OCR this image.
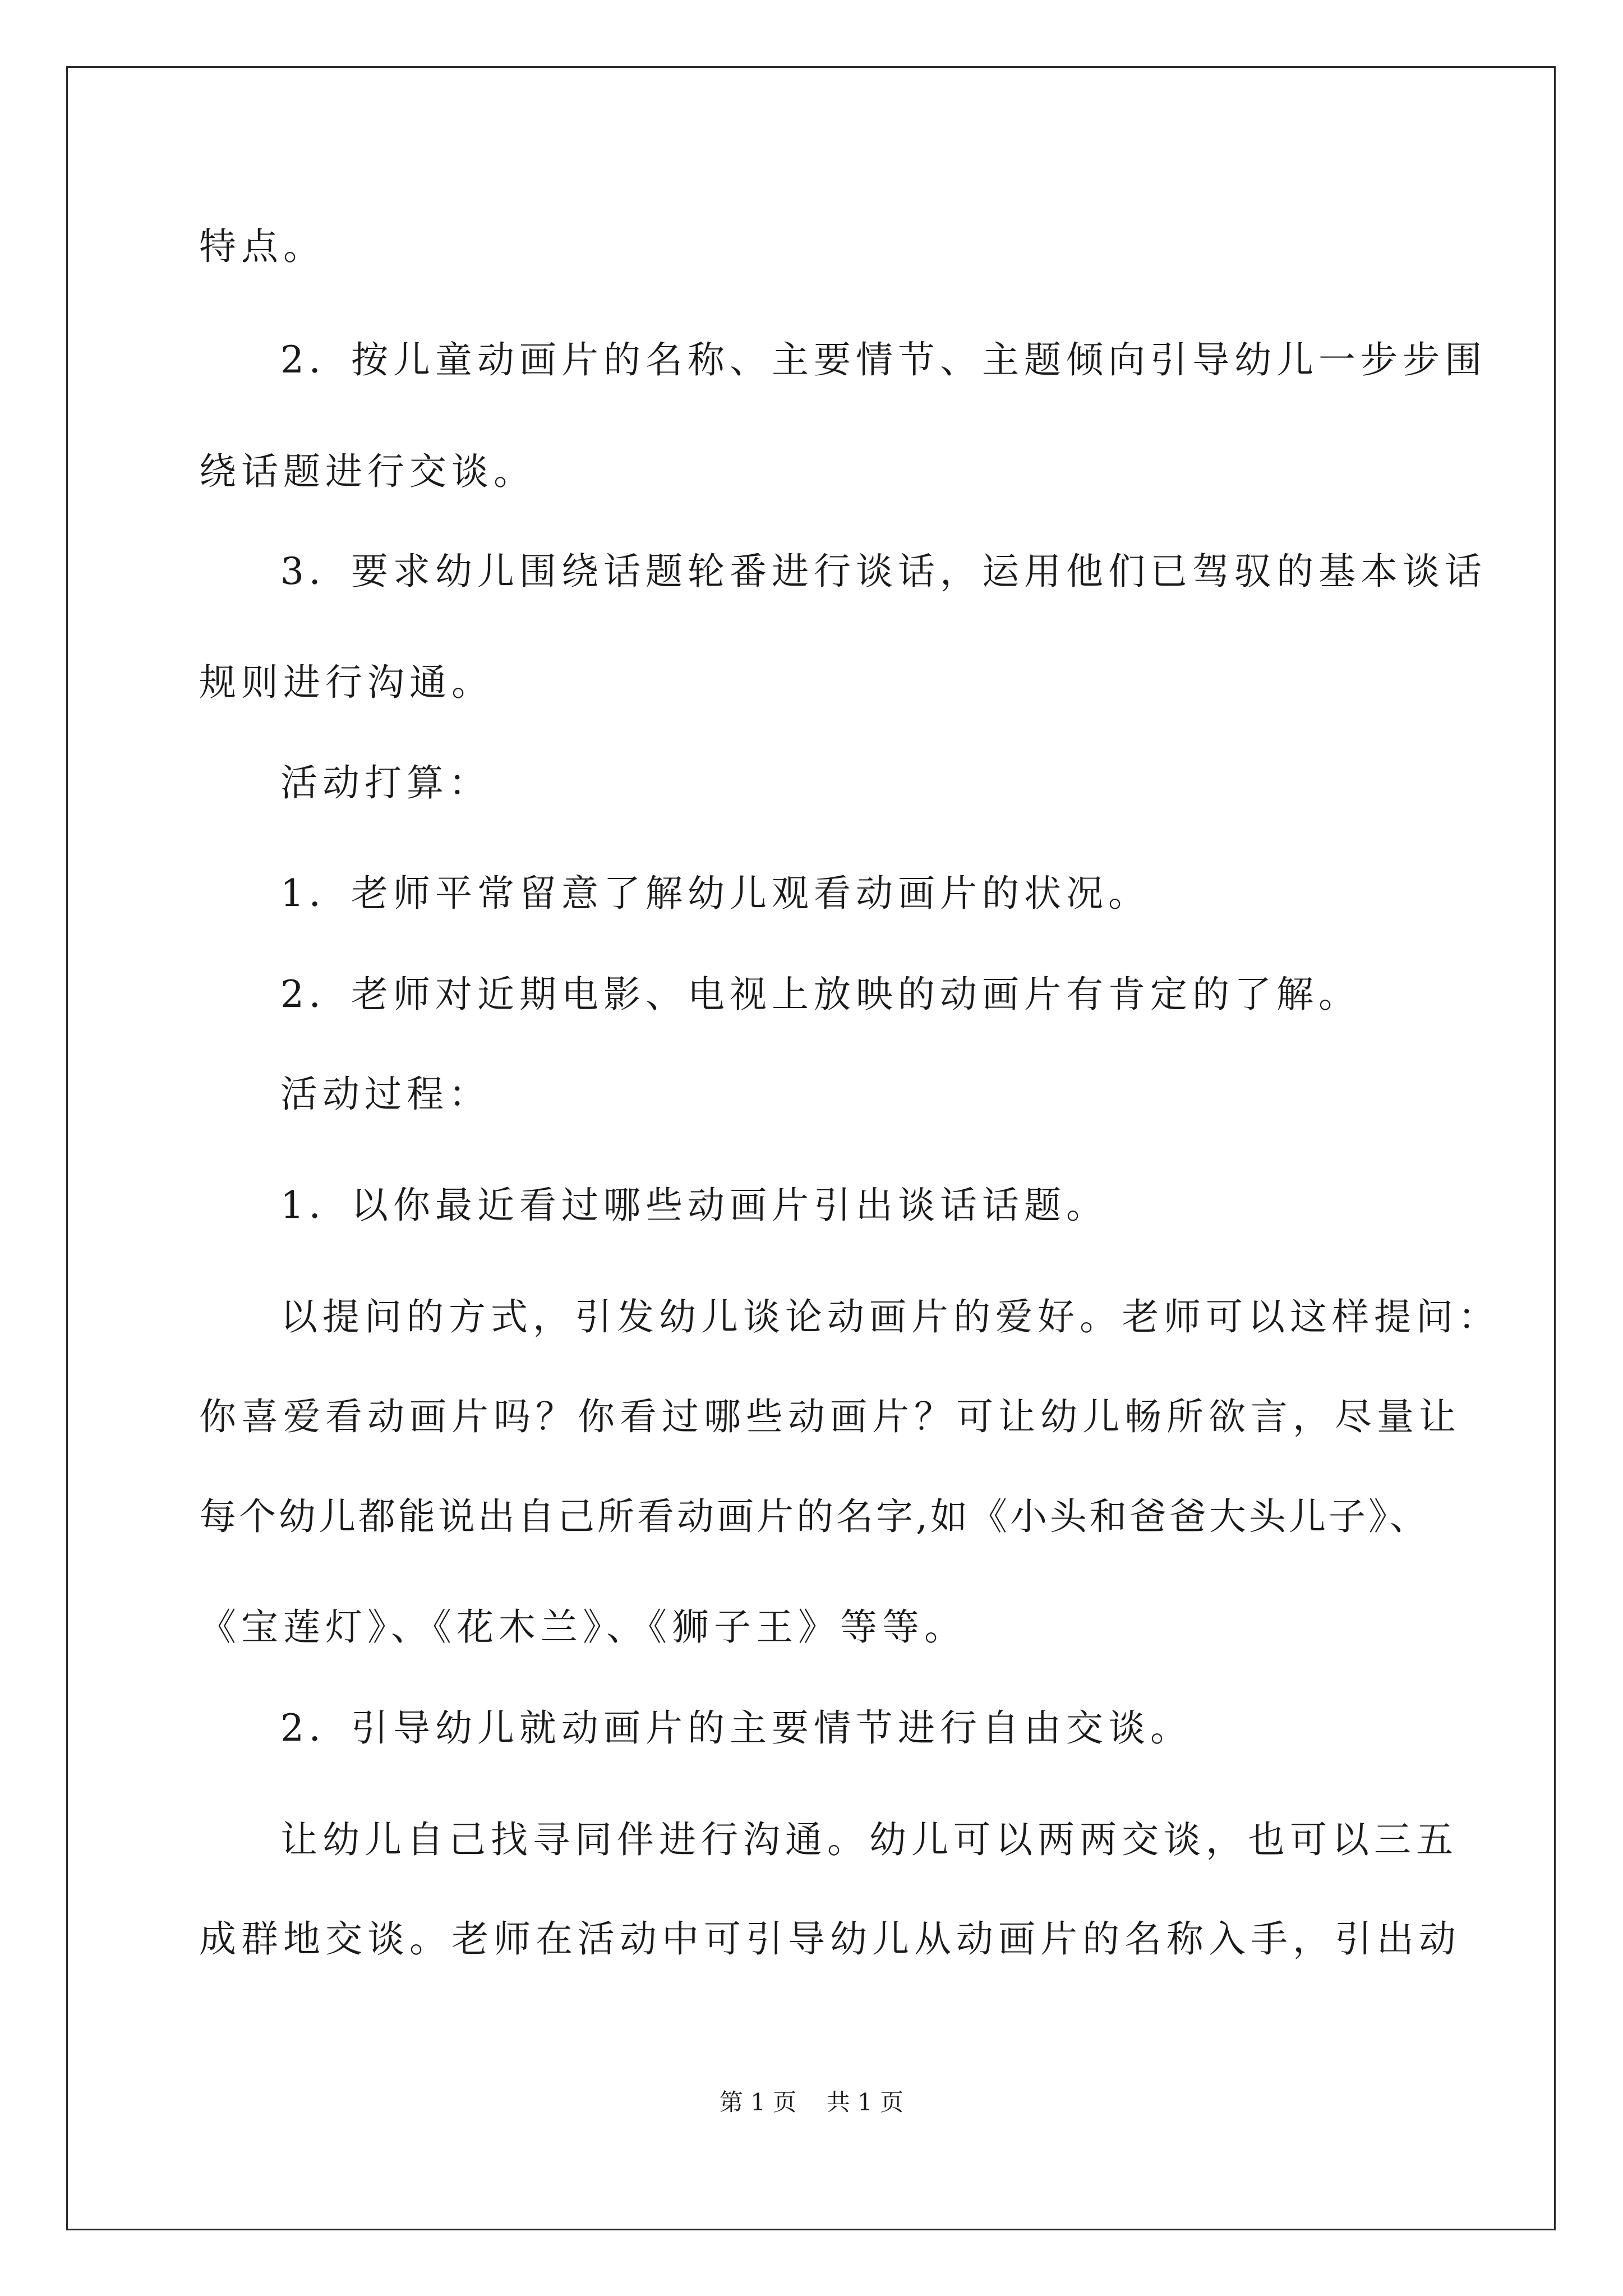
特点。
2．按儿童动画片的名称、主要情节、主题倾向引导幼儿一步步围
绕话题进行交谈。
3．要求幼儿围绕话题轮番进行谈话，运用他们已驾驭的基本谈话
规则进行沟通。
活动打算：
1．老师平常留意了解幼儿观看动画片的状况。
2．老师对近期电影、电视上放映的动画片有肯定的了解。
活动过程：
1．以你最近看过哪些动画片引出谈话话题。
以提问的方式，引发幼儿谈论动画片的爱好。老师可以这样提问：
你喜爱看动画片吗？你看过哪些动画片？可让幼儿畅所欲言，尽量让
每个幼儿都能说出自己所看动画片的名字,如《小头和爸爸大头儿子》、
《宝莲灯》、《花木兰》、《狮子王》等等。
2．引导幼儿就动画片的主要情节进行自由交谈。
让幼儿自己找寻同伴进行沟通。幼儿可以两两交谈，也可以三五
成群地交谈。老师在活动中可引导幼儿从动画片的名称入手，引出动
第 1 页    共 1 页
